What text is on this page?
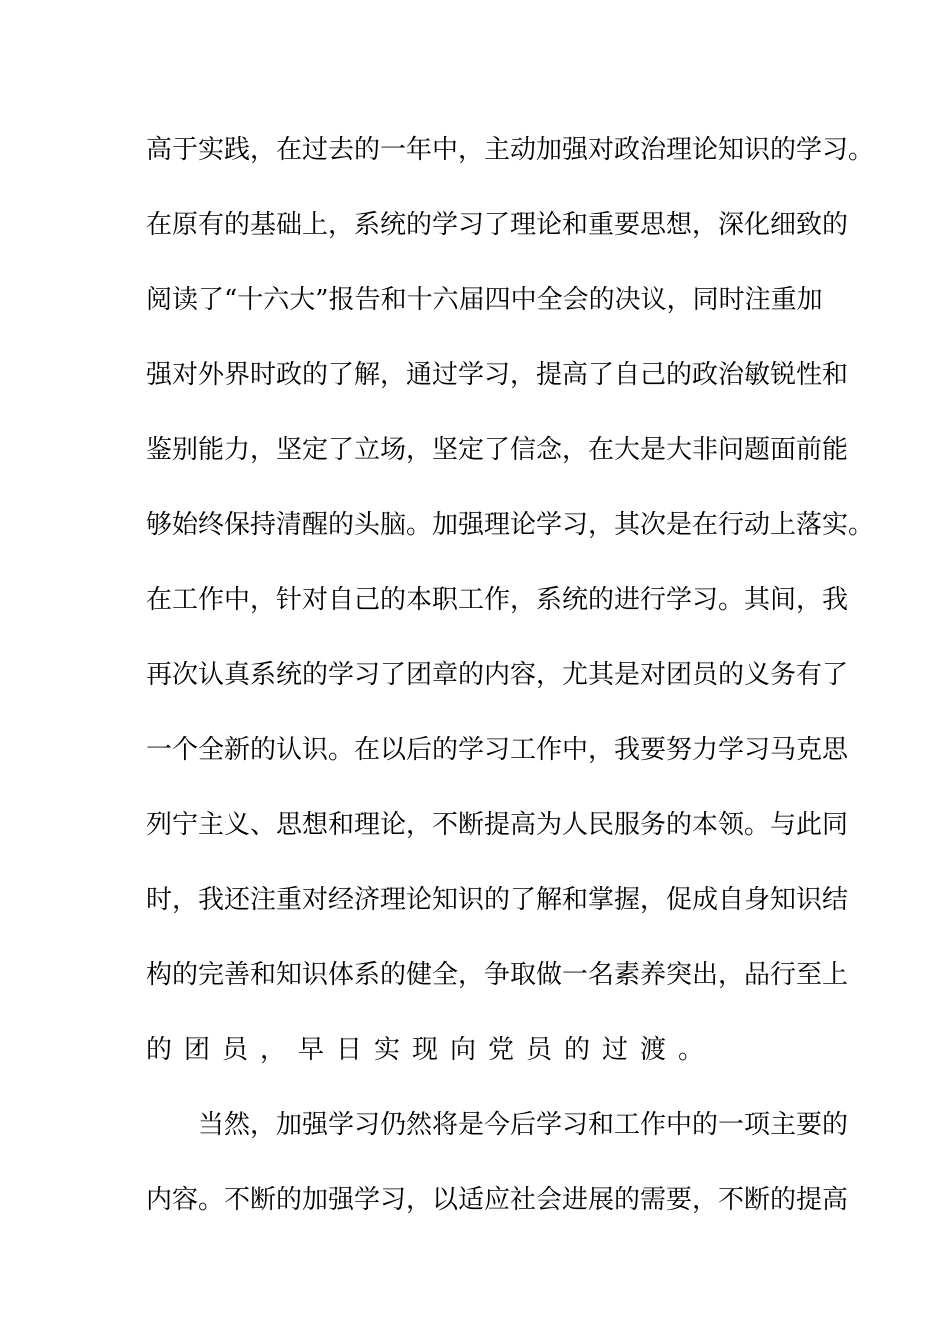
高于实践，在过去的一年中，主动加强对政治理论知识的学习。
在原有的基础上，系统的学习了理论和重要思想，深化细致的
阅读了“十六大”报告和十六届四中全会的决议，同时注重加
强对外界时政的了解，通过学习，提高了自己的政治敏锐性和
鉴别能力，坚定了立场，坚定了信念，在大是大非问题面前能
够始终保持清醒的头脑。加强理论学习，其次是在行动上落实。
在工作中，针对自己的本职工作，系统的进行学习。其间，我
再次认真系统的学习了团章的内容，尤其是对团员的义务有了
一个全新的认识。在以后的学习工作中，我要努力学习马克思
列宁主义、思想和理论，不断提高为人民服务的本领。与此同
时，我还注重对经济理论知识的了解和掌握，促成自身知识结
构的完善和知识体系的健全，争取做一名素养突出，品行至上
的团员，早日实现向党员的过渡。
当然，加强学习仍然将是今后学习和工作中的一项主要的
内容。不断的加强学习，以适应社会进展的需要，不断的提高
